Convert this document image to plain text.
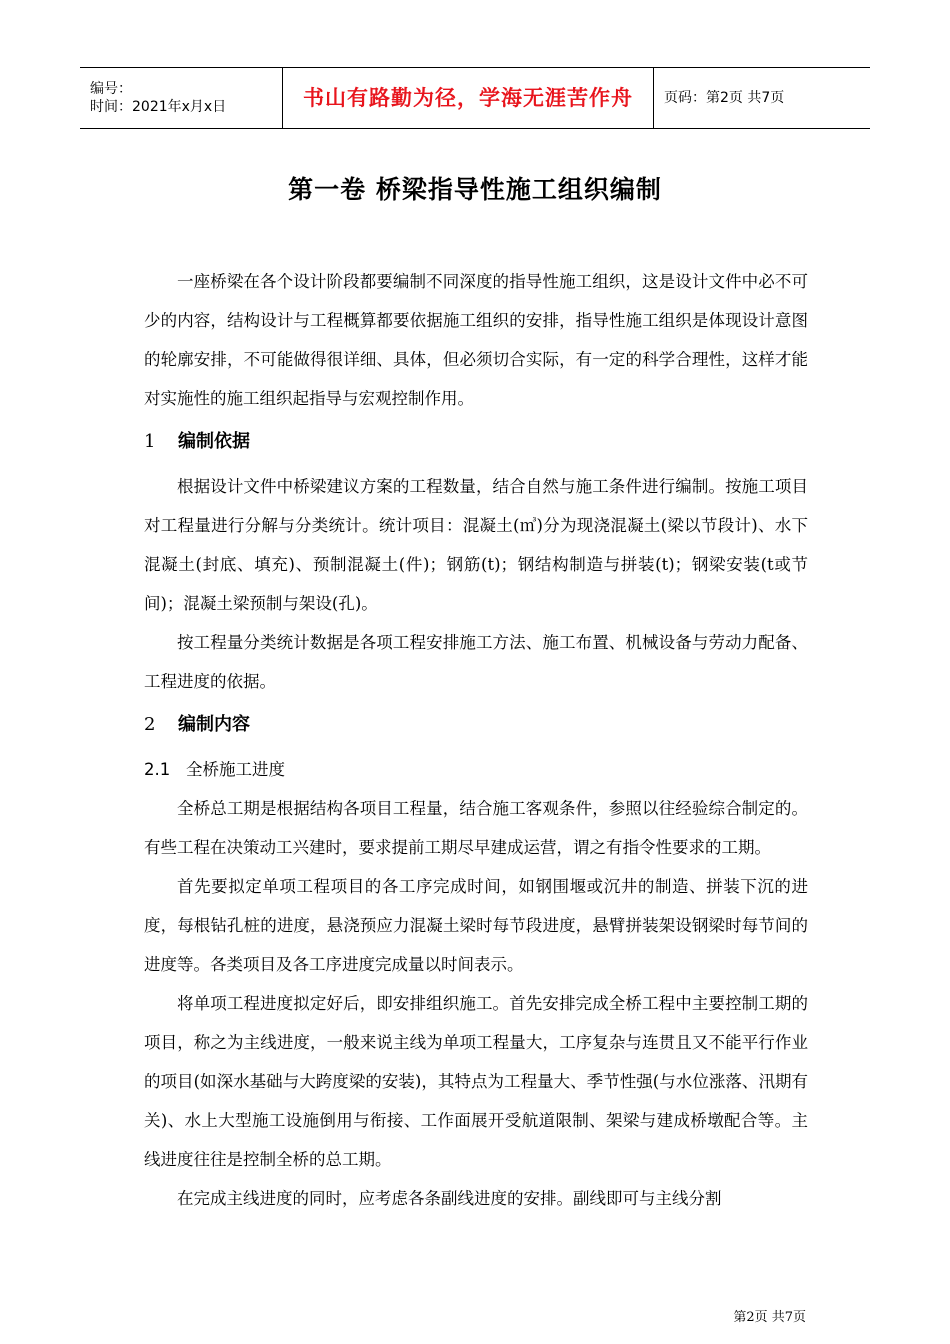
编号：
时间：2021年x月x日	书山有路勤为径，学海无涯苦作舟 页码：第2页 共7页
第一卷 桥梁指导性施工组织编制

一座桥梁在各个设计阶段都要编制不同深度的指导性施工组织，这是设计文件中必不可少的内容，结构设计与工程概算都要依据施工组织的安排，指导性施工组织是体现设计意图的轮廓安排，不可能做得很详细、具体，但必须切合实际，有一定的科学合理性，这样才能对实施性的施工组织起指导与宏观控制作用。

1 编制依据

根据设计文件中桥梁建议方案的工程数量，结合自然与施工条件进行编制。按施工项目对工程量进行分解与分类统计。统计项目：混凝土(㎥)分为现浇混凝土(梁以节段计)、水下混凝土(封底、填充)、预制混凝土(件)；钢筋(t)；钢结构制造与拼装(t)；钢梁安装(t或节间)；混凝土梁预制与架设(孔)。

按工程量分类统计数据是各项工程安排施工方法、施工布置、机械设备与劳动力配备、工程进度的依据。

2 编制内容
2.1 全桥施工进度

全桥总工期是根据结构各项目工程量，结合施工客观条件，参照以往经验综合制定的。有些工程在决策动工兴建时，要求提前工期尽早建成运营，谓之有指令性要求的工期。

首先要拟定单项工程项目的各工序完成时间，如钢围堰或沉井的制造、拼装下沉的进度，每根钻孔桩的进度，悬浇预应力混凝土梁时每节段进度，悬臂拼装架设钢梁时每节间的进度等。各类项目及各工序进度完成量以时间表示。

将单项工程进度拟定好后，即安排组织施工。首先安排完成全桥工程中主要控制工期的项目，称之为主线进度，一般来说主线为单项工程量大，工序复杂与连贯且又不能平行作业的项目(如深水基础与大跨度梁的安装)，其特点为工程量大、季节性强(与水位涨落、汛期有关)、水上大型施工设施倒用与衔接、工作面展开受航道限制、架梁与建成桥墩配合等。主线进度往往是控制全桥的总工期。

在完成主线进度的同时，应考虑各条副线进度的安排。副线即可与主线分割

第2页 共7页
